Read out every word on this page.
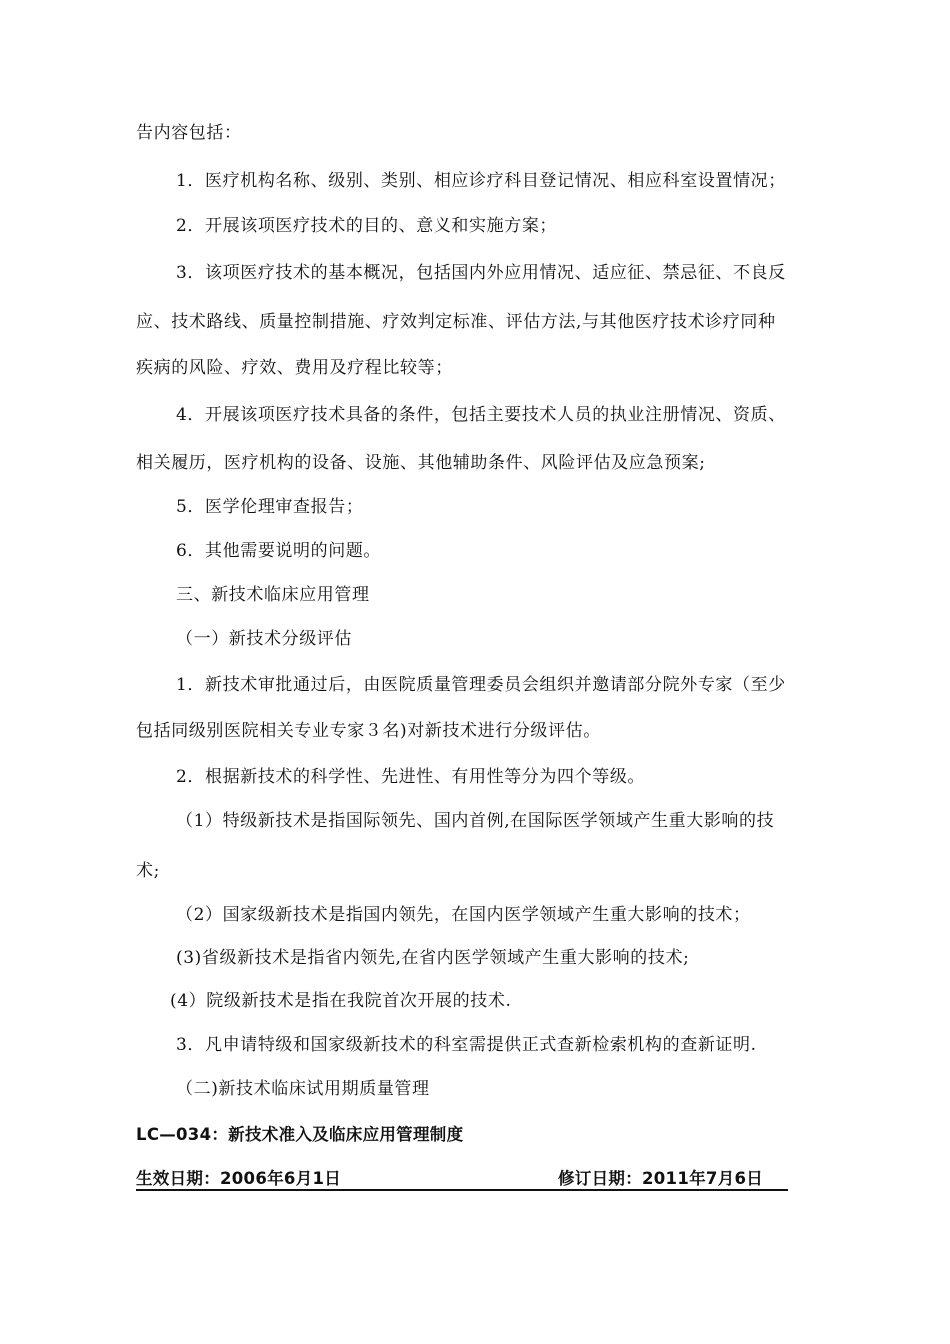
告内容包括：
1．医疗机构名称、级别、类别、相应诊疗科目登记情况、相应科室设置情况；
2．开展该项医疗技术的目的、意义和实施方案；
3．该项医疗技术的基本概况，包括国内外应用情况、适应征、禁忌征、不良反
应、技术路线、质量控制措施、疗效判定标准、评估方法,与其他医疗技术诊疗同种
疾病的风险、疗效、费用及疗程比较等；
4．开展该项医疗技术具备的条件，包括主要技术人员的执业注册情况、资质、
相关履历，医疗机构的设备、设施、其他辅助条件、风险评估及应急预案;
5．医学伦理审查报告；
6．其他需要说明的问题。
三、新技术临床应用管理
（一）新技术分级评估
1．新技术审批通过后，由医院质量管理委员会组织并邀请部分院外专家（至少
包括同级别医院相关专业专家３名)对新技术进行分级评估。
2．根据新技术的科学性、先进性、有用性等分为四个等级。
（1）特级新技术是指国际领先、国内首例,在国际医学领域产生重大影响的技
术;
（2）国家级新技术是指国内领先，在国内医学领域产生重大影响的技术；
(3)省级新技术是指省内领先,在省内医学领域产生重大影响的技术;
(4）院级新技术是指在我院首次开展的技术.
3．凡申请特级和国家级新技术的科室需提供正式查新检索机构的查新证明.
（二)新技术临床试用期质量管理
LC—034：新技术准入及临床应用管理制度
生效日期：2006年6月1日	修订日期：2011年7月6日
